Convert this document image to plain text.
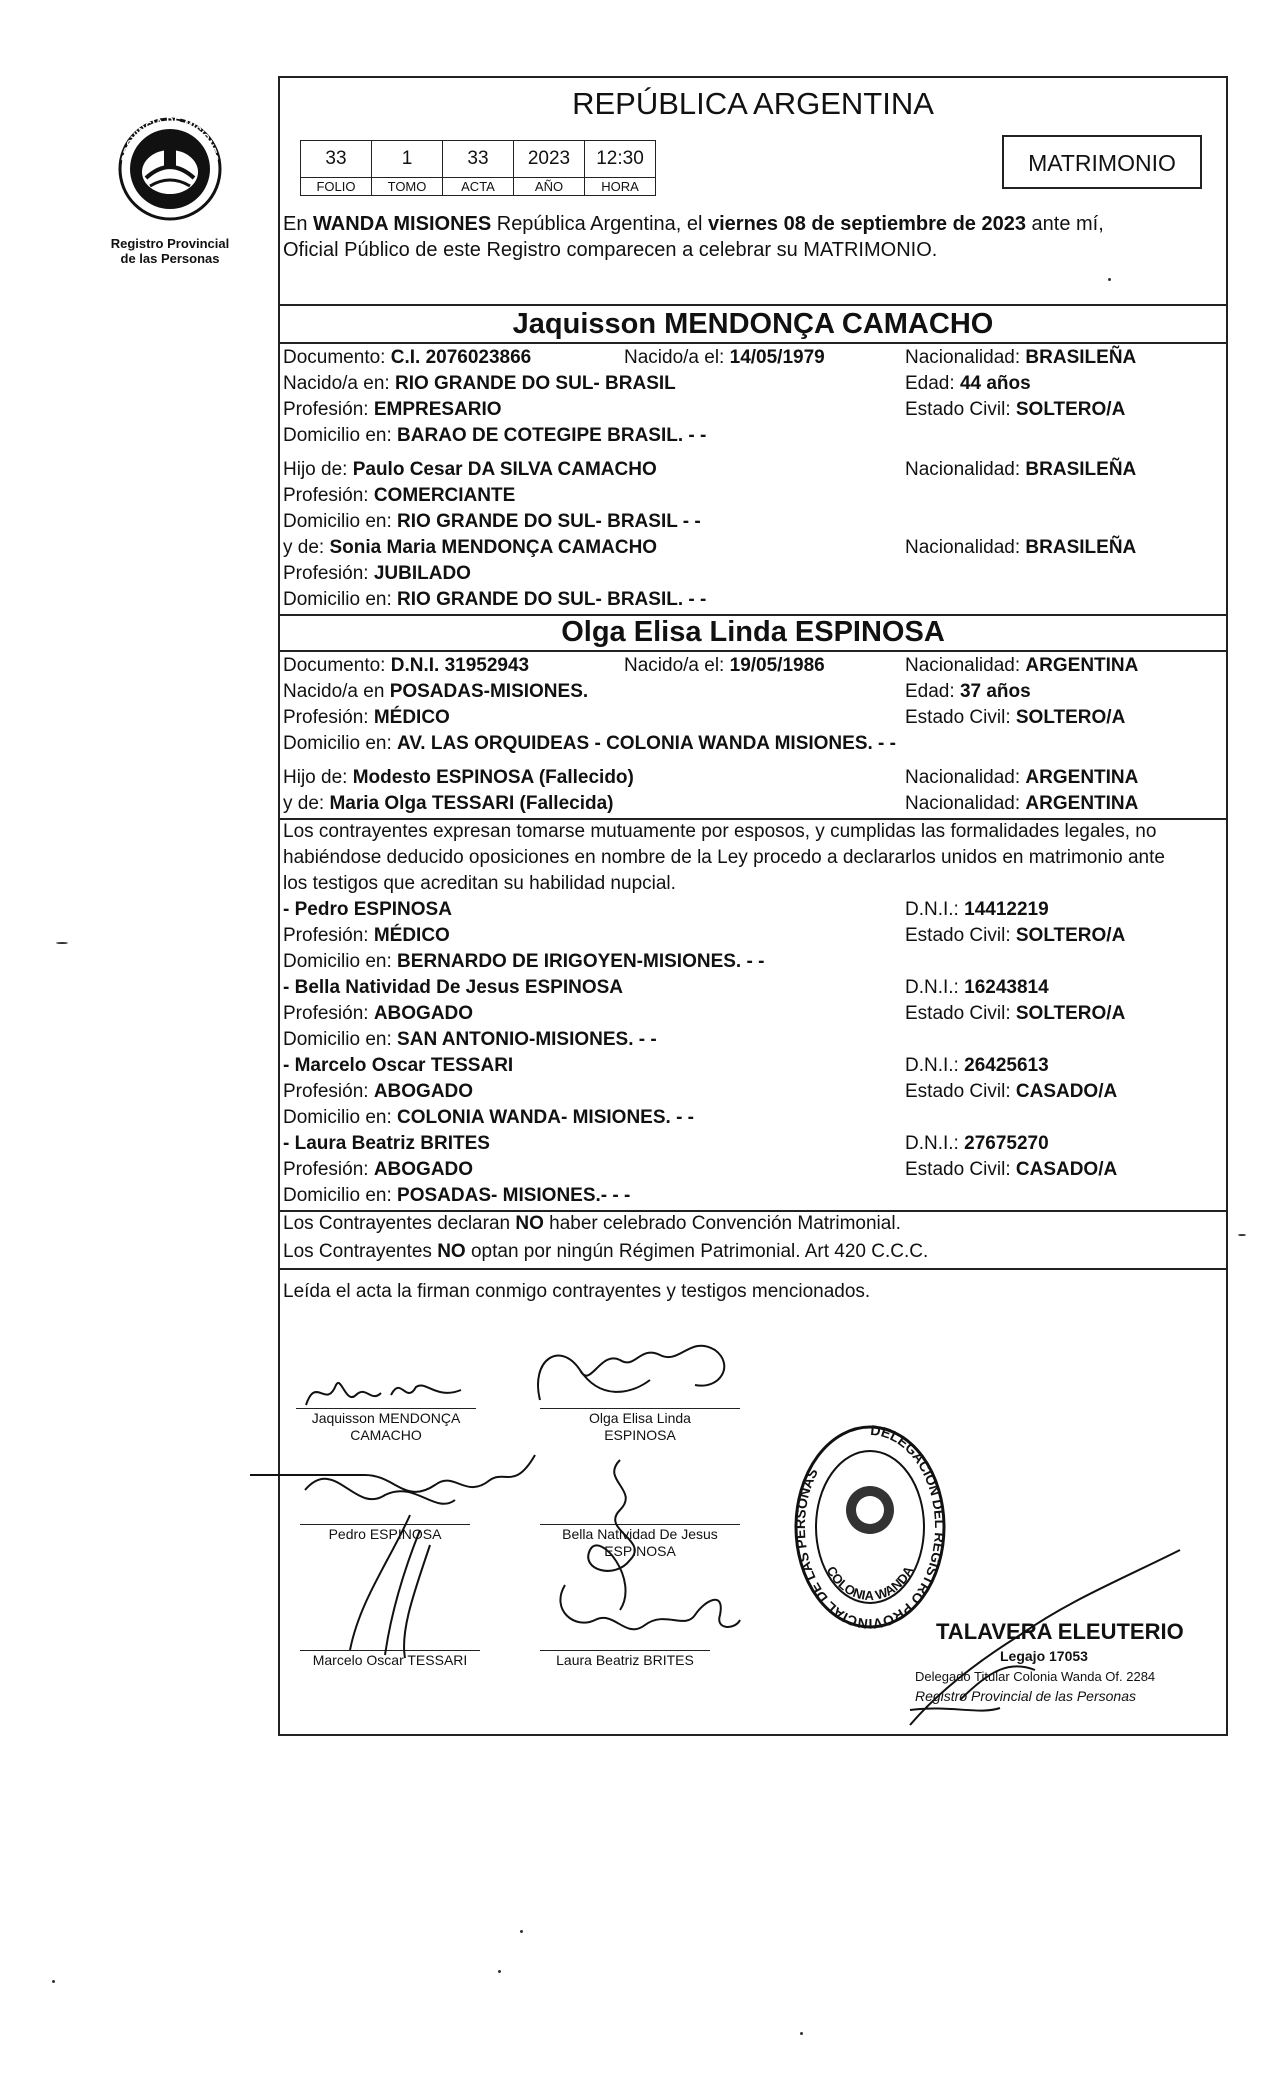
PROVINCIA DE MISIONES
Registro Provincial
de las Personas
REPÚBLICA ARGENTINA
33	1	33	2023	12:30
FOLIO	TOMO	ACTA	AÑO	HORA
MATRIMONIO
En WANDA MISIONES República Argentina, el viernes 08 de septiembre de 2023 ante mí,
Oficial Público de este Registro comparecen a celebrar su MATRIMONIO.
Jaquisson MENDONÇA CAMACHO
Documento: C.I. 2076023866	Nacido/a el: 14/05/1979	Nacionalidad: BRASILEÑA
Nacido/a en: RIO GRANDE DO SUL- BRASIL	Edad: 44 años
Profesión: EMPRESARIO	Estado Civil: SOLTERO/A
Domicilio en: BARAO DE COTEGIPE BRASIL. - -
Hijo de: Paulo Cesar DA SILVA CAMACHO	Nacionalidad: BRASILEÑA
Profesión: COMERCIANTE
Domicilio en: RIO GRANDE DO SUL- BRASIL - -
y de: Sonia Maria MENDONÇA CAMACHO	Nacionalidad: BRASILEÑA
Profesión: JUBILADO
Domicilio en: RIO GRANDE DO SUL- BRASIL. - -
Olga Elisa Linda ESPINOSA
Documento: D.N.I. 31952943	Nacido/a el: 19/05/1986	Nacionalidad: ARGENTINA
Nacido/a en POSADAS-MISIONES.	Edad: 37 años
Profesión: MÉDICO	Estado Civil: SOLTERO/A
Domicilio en: AV. LAS ORQUIDEAS - COLONIA WANDA MISIONES. - -
Hijo de: Modesto ESPINOSA (Fallecido)	Nacionalidad: ARGENTINA
y de: Maria Olga TESSARI (Fallecida)	Nacionalidad: ARGENTINA
Los contrayentes expresan tomarse mutuamente por esposos, y cumplidas las formalidades legales, no
habiéndose deducido oposiciones en nombre de la Ley procedo a declararlos unidos en matrimonio ante
los testigos que acreditan su habilidad nupcial.
- Pedro ESPINOSA	D.N.I.: 14412219
Profesión: MÉDICO	Estado Civil: SOLTERO/A
Domicilio en: BERNARDO DE IRIGOYEN-MISIONES. - -
- Bella Natividad De Jesus ESPINOSA	D.N.I.: 16243814
Profesión: ABOGADO	Estado Civil: SOLTERO/A
Domicilio en: SAN ANTONIO-MISIONES. - -
- Marcelo Oscar TESSARI	D.N.I.: 26425613
Profesión: ABOGADO	Estado Civil: CASADO/A
Domicilio en: COLONIA WANDA- MISIONES. - -
- Laura Beatriz BRITES	D.N.I.: 27675270
Profesión: ABOGADO	Estado Civil: CASADO/A
Domicilio en: POSADAS- MISIONES.- - -
Los Contrayentes declaran NO haber celebrado Convención Matrimonial.
Los Contrayentes NO optan por ningún Régimen Patrimonial. Art 420 C.C.C.
Leída el acta la firman conmigo contrayentes y testigos mencionados.
Jaquisson MENDONÇA
CAMACHO
Olga Elisa Linda
ESPINOSA
Pedro ESPINOSA	Bella Natividad De Jesus
ESPINOSA
Marcelo Oscar TESSARI	Laura Beatriz BRITES
DELEGACION DEL REGISTRO PROVINCIAL DE LAS PERSONAS
COLONIA WANDA
TALAVERA ELEUTERIO
Legajo 17053
Delegado Titular Colonia Wanda Of. 2284
Registro Provincial de las Personas
